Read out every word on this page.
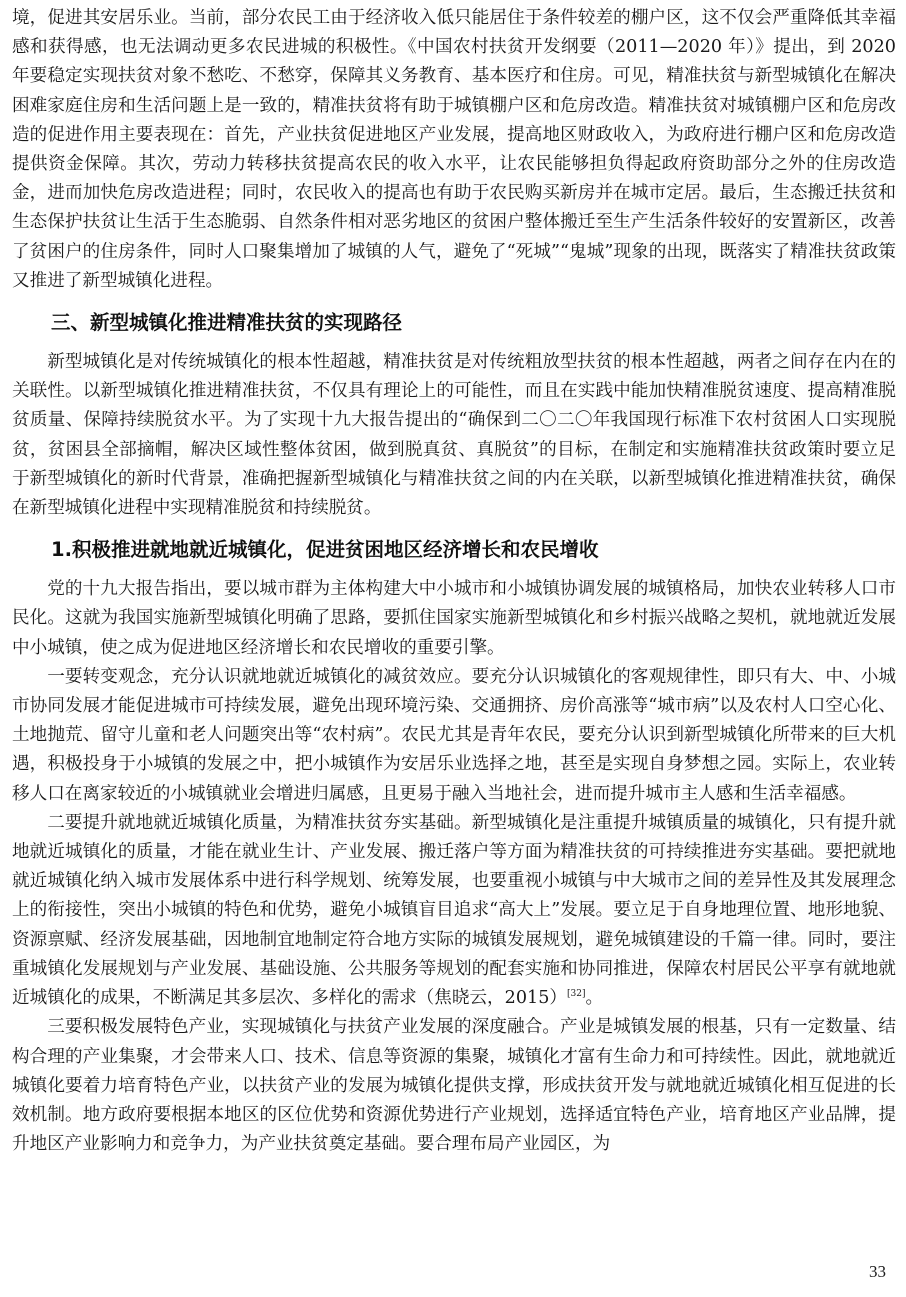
境，促进其安居乐业。当前，部分农民工由于经济收入低只能居住于条件较差的棚户区，这不仅会严重降低其幸福感和获得感，也无法调动更多农民进城的积极性。《中国农村扶贫开发纲要（2011—2020 年）》提出，到 2020 年要稳定实现扶贫对象不愁吃、不愁穿，保障其义务教育、基本医疗和住房。可见，精准扶贫与新型城镇化在解决困难家庭住房和生活问题上是一致的，精准扶贫将有助于城镇棚户区和危房改造。精准扶贫对城镇棚户区和危房改造的促进作用主要表现在：首先，产业扶贫促进地区产业发展，提高地区财政收入，为政府进行棚户区和危房改造提供资金保障。其次，劳动力转移扶贫提高农民的收入水平，让农民能够担负得起政府资助部分之外的住房改造金，进而加快危房改造进程；同时，农民收入的提高也有助于农民购买新房并在城市定居。最后，生态搬迁扶贫和生态保护扶贫让生活于生态脆弱、自然条件相对恶劣地区的贫困户整体搬迁至生产生活条件较好的安置新区，改善了贫困户的住房条件，同时人口聚集增加了城镇的人气，避免了“死城”“鬼城”现象的出现，既落实了精准扶贫政策又推进了新型城镇化进程。

三、新型城镇化推进精准扶贫的实现路径

新型城镇化是对传统城镇化的根本性超越，精准扶贫是对传统粗放型扶贫的根本性超越，两者之间存在内在的关联性。以新型城镇化推进精准扶贫，不仅具有理论上的可能性，而且在实践中能加快精准脱贫速度、提高精准脱贫质量、保障持续脱贫水平。为了实现十九大报告提出的“确保到二〇二〇年我国现行标准下农村贫困人口实现脱贫，贫困县全部摘帽，解决区域性整体贫困，做到脱真贫、真脱贫”的目标，在制定和实施精准扶贫政策时要立足于新型城镇化的新时代背景，准确把握新型城镇化与精准扶贫之间的内在关联，以新型城镇化推进精准扶贫，确保在新型城镇化进程中实现精准脱贫和持续脱贫。

1.积极推进就地就近城镇化，促进贫困地区经济增长和农民增收

党的十九大报告指出，要以城市群为主体构建大中小城市和小城镇协调发展的城镇格局，加快农业转移人口市民化。这就为我国实施新型城镇化明确了思路，要抓住国家实施新型城镇化和乡村振兴战略之契机，就地就近发展中小城镇，使之成为促进地区经济增长和农民增收的重要引擎。

一要转变观念，充分认识就地就近城镇化的减贫效应。要充分认识城镇化的客观规律性，即只有大、中、小城市协同发展才能促进城市可持续发展，避免出现环境污染、交通拥挤、房价高涨等“城市病”以及农村人口空心化、土地抛荒、留守儿童和老人问题突出等“农村病”。农民尤其是青年农民，要充分认识到新型城镇化所带来的巨大机遇，积极投身于小城镇的发展之中，把小城镇作为安居乐业选择之地，甚至是实现自身梦想之园。实际上，农业转移人口在离家较近的小城镇就业会增进归属感，且更易于融入当地社会，进而提升城市主人感和生活幸福感。

二要提升就地就近城镇化质量，为精准扶贫夯实基础。新型城镇化是注重提升城镇质量的城镇化，只有提升就地就近城镇化的质量，才能在就业生计、产业发展、搬迁落户等方面为精准扶贫的可持续推进夯实基础。要把就地就近城镇化纳入城市发展体系中进行科学规划、统筹发展，也要重视小城镇与中大城市之间的差异性及其发展理念上的衔接性，突出小城镇的特色和优势，避免小城镇盲目追求“高大上”发展。要立足于自身地理位置、地形地貌、资源禀赋、经济发展基础，因地制宜地制定符合地方实际的城镇发展规划，避免城镇建设的千篇一律。同时，要注重城镇化发展规划与产业发展、基础设施、公共服务等规划的配套实施和协同推进，保障农村居民公平享有就地就近城镇化的成果，不断满足其多层次、多样化的需求（焦晓云，2015）[32]。

三要积极发展特色产业，实现城镇化与扶贫产业发展的深度融合。产业是城镇发展的根基，只有一定数量、结构合理的产业集聚，才会带来人口、技术、信息等资源的集聚，城镇化才富有生命力和可持续性。因此，就地就近城镇化要着力培育特色产业，以扶贫产业的发展为城镇化提供支撑，形成扶贫开发与就地就近城镇化相互促进的长效机制。地方政府要根据本地区的区位优势和资源优势进行产业规划，选择适宜特色产业，培育地区产业品牌，提升地区产业影响力和竞争力，为产业扶贫奠定基础。要合理布局产业园区，为

33
